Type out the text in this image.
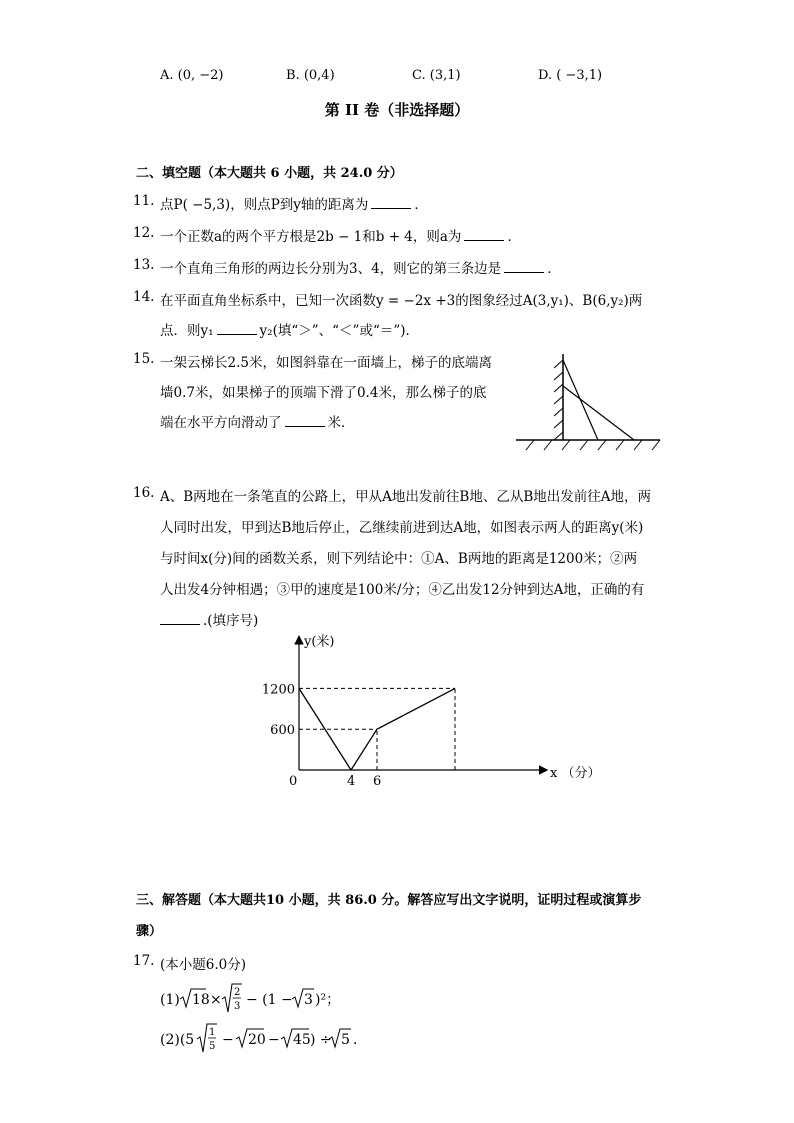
A. (0, −2)	B. (0,4)	C. (3,1)	D. ( −3,1)
第 II 卷（非选择题）
二、填空题（本大题共 6 小题，共 24.0 分）
11. 点P( −5,3)，则点P到y轴的距离为	．
12. 一个正数a的两个平方根是2b − 1和b + 4，则a为	．
13. 一个直角三角形的两边长分别为3、4，则它的第三条边是	．
14. 在平面直角坐标系中，已知一次函数y = −2x +3的图象经过A(3,y₁)、B(6,y₂)两
点．则y₁	y₂(填“＞”、“＜”或“＝”)．
15. 一架云梯长2.5米，如图斜靠在一面墙上，梯子的底端离
墙0.7米，如果梯子的顶端下滑了0.4米，那么梯子的底
端在水平方向滑动了	米．
16. A、B两地在一条笔直的公路上，甲从A地出发前往B地、乙从B地出发前往A地，两
人同时出发，甲到达B地后停止，乙继续前进到达A地，如图表示两人的距离y(米)
与时间x(分)间的函数关系，则下列结论中：①A、B两地的距离是1200米；②两
人出发4分钟相遇；③甲的速度是100米/分；④乙出发12分钟到达A地，正确的有
.(填序号)
0	4 6
600
1200
x （分）
y(米)
三、解答题（本大题共10 小题，共 86.0 分。解答应写出文字说明，证明过程或演算步
骤）
17. (本小题6.0分)
(1) 18 × 2
3 − (1 − 3 )²；
(2)(5 1
5 − 20 − 45 ) ÷ 5 ．
